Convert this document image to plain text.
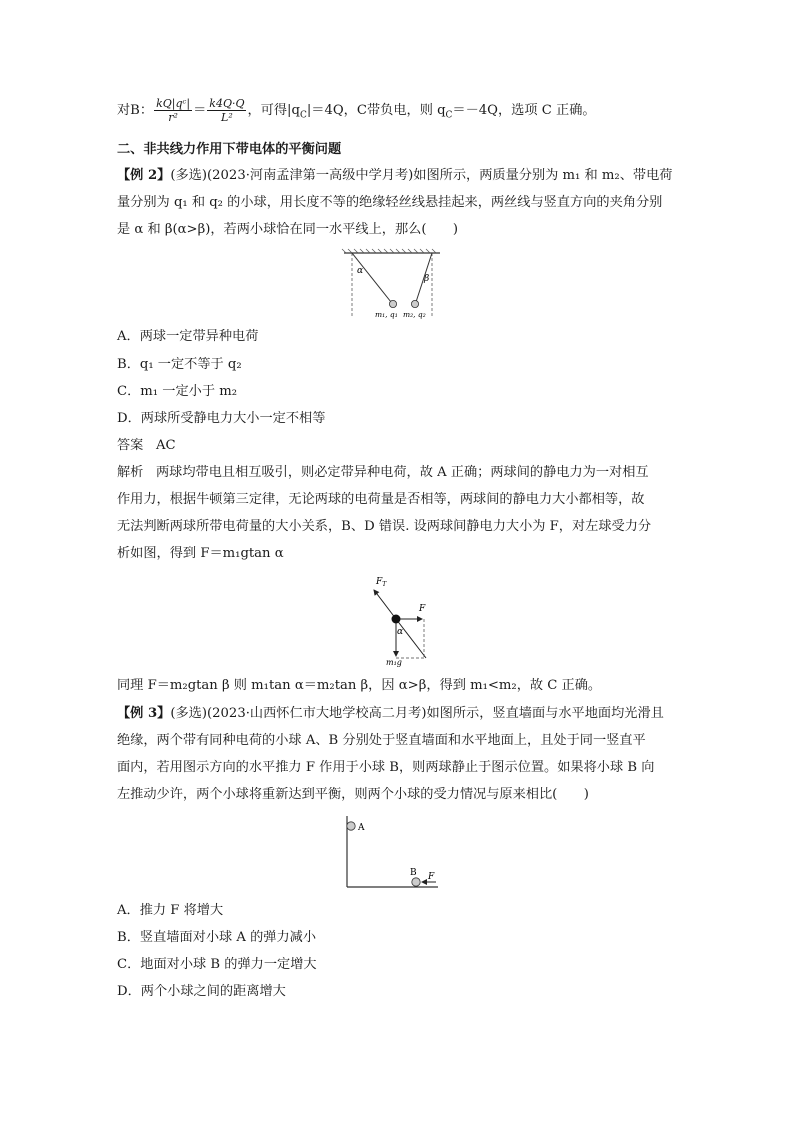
对B： $\frac{\text{kQ|qᶜ|}}{\text{r²}} = \frac{k4Q\cdot Q}{\text{L²}}$ ，可得$|q_C|=4Q$，C带负电，则 $q_C=-4Q$，选项 C 正确。
二、非共线力作用下带电体的平衡问题
【例 2】(多选)(2023·河南孟津第一高级中学月考)如图所示，两质量分别为 m₁ 和 m₂、带电荷
量分别为 q₁ 和 q₂ 的小球，用长度不等的绝缘轻丝线悬挂起来，两丝线与竖直方向的夹角分别
是 α 和 β(α>β)，若两小球恰在同一水平线上，那么(　　)
α
β
m₁, q₁ m₂, q₂
A．两球一定带异种电荷
B．q₁ 一定不等于 q₂
C．m₁ 一定小于 m₂
D．两球所受静电力大小一定不相等
答案 AC
解析 两球均带电且相互吸引，则必定带异种电荷，故 A 正确；两球间的静电力为一对相互
作用力，根据牛顿第三定律，无论两球的电荷量是否相等，两球间的静电力大小都相等，故
无法判断两球所带电荷量的大小关系，B、D 错误. 设两球间静电力大小为 F，对左球受力分
析如图，得到 F＝m₁gtan α
$F_T$
F
α
m₁g
同理 F＝m₂gtan β 则 m₁tan α＝m₂tan β，因 α>β，得到 m₁<m₂，故 C 正确。
【例 3】(多选)(2023·山西怀仁市大地学校高二月考)如图所示，竖直墙面与水平地面均光滑且
绝缘，两个带有同种电荷的小球 A、B 分别处于竖直墙面和水平地面上，且处于同一竖直平
面内，若用图示方向的水平推力 F 作用于小球 B，则两球静止于图示位置。如果将小球 B 向
左推动少许，两个小球将重新达到平衡，则两个小球的受力情况与原来相比(　　)
A
B F
A．推力 F 将增大
B．竖直墙面对小球 A 的弹力减小
C．地面对小球 B 的弹力一定增大
D．两个小球之间的距离增大
